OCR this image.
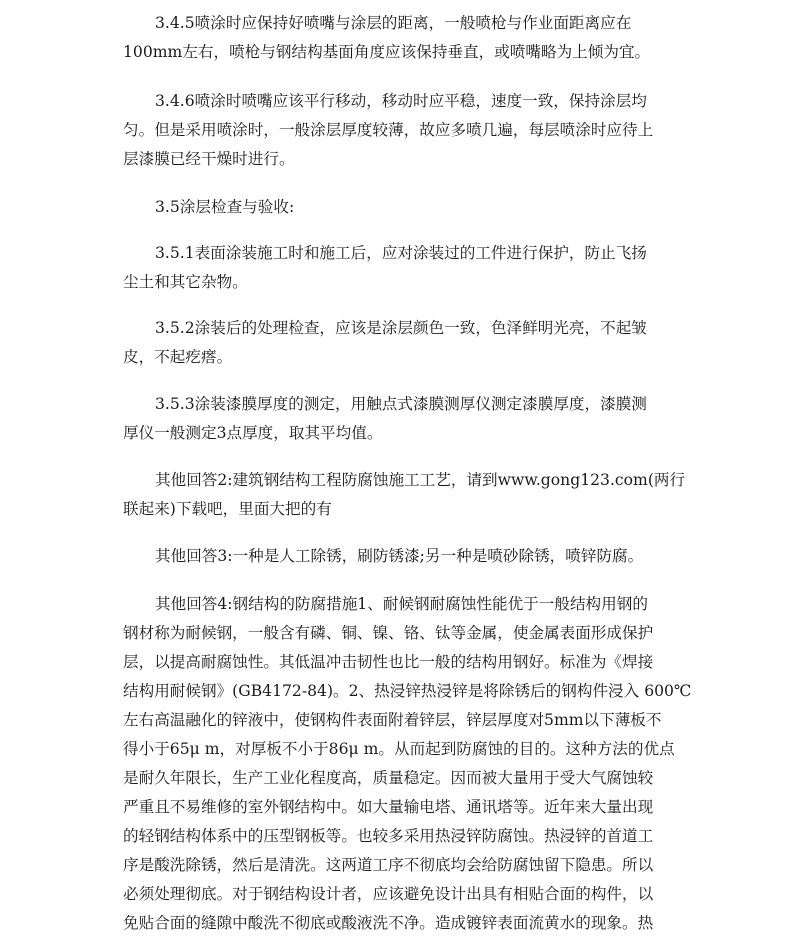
3.4.5喷涂时应保持好喷嘴与涂层的距离，一般喷枪与作业面距离应在
100mm左右，喷枪与钢结构基面角度应该保持垂直，或喷嘴略为上倾为宜。

3.4.6喷涂时喷嘴应该平行移动，移动时应平稳，速度一致，保持涂层均
匀。但是采用喷涂时，一般涂层厚度较薄，故应多喷几遍，每层喷涂时应待上
层漆膜已经干燥时进行。

3.5涂层检查与验收:

3.5.1表面涂装施工时和施工后，应对涂装过的工件进行保护，防止飞扬
尘土和其它杂物。

3.5.2涂装后的处理检查，应该是涂层颜色一致，色泽鲜明光亮，不起皱
皮，不起疙瘩。

3.5.3涂装漆膜厚度的测定，用触点式漆膜测厚仪测定漆膜厚度，漆膜测
厚仪一般测定3点厚度，取其平均值。

其他回答2:建筑钢结构工程防腐蚀施工工艺，请到www.gong123.com(两行
联起来)下载吧，里面大把的有

其他回答3:一种是人工除锈，刷防锈漆;另一种是喷砂除锈，喷锌防腐。

其他回答4:钢结构的防腐措施1、耐候钢耐腐蚀性能优于一般结构用钢的
钢材称为耐候钢，一般含有磷、铜、镍、铬、钛等金属，使金属表面形成保护
层，以提高耐腐蚀性。其低温冲击韧性也比一般的结构用钢好。标准为《焊接
结构用耐候钢》(GB4172-84)。2、热浸锌热浸锌是将除锈后的钢构件浸入 600℃
左右高温融化的锌液中，使钢构件表面附着锌层，锌层厚度对5mm以下薄板不
得小于65μ m，对厚板不小于86μ m。从而起到防腐蚀的目的。这种方法的优点
是耐久年限长，生产工业化程度高，质量稳定。因而被大量用于受大气腐蚀较
严重且不易维修的室外钢结构中。如大量输电塔、通讯塔等。近年来大量出现
的轻钢结构体系中的压型钢板等。也较多采用热浸锌防腐蚀。热浸锌的首道工
序是酸洗除锈，然后是清洗。这两道工序不彻底均会给防腐蚀留下隐患。所以
必须处理彻底。对于钢结构设计者，应该避免设计出具有相贴合面的构件，以
免贴合面的缝隙中酸洗不彻底或酸液洗不净。造成镀锌表面流黄水的现象。热
